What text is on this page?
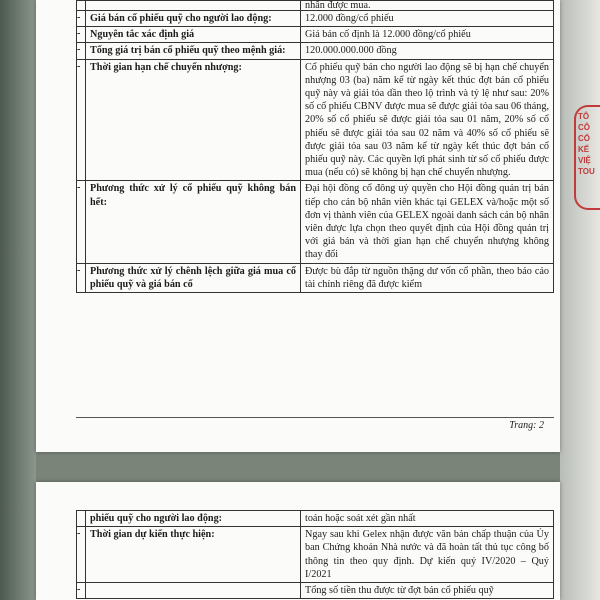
TÔ
CÔ
CỔ
KẾ
VIỆ
TOU
		nhân được mua.
-	Giá bán cổ phiếu quỹ cho người lao động:	12.000 đồng/cổ phiếu
-	Nguyên tắc xác định giá	Giá bán cố định là 12.000 đồng/cổ phiếu
-	Tổng giá trị bán cổ phiếu quỹ theo mệnh giá:	120.000.000.000 đồng
-	Thời gian hạn chế chuyển nhượng:	Cổ phiếu quỹ bán cho người lao động sẽ bị hạn chế chuyển nhượng 03 (ba) năm kể từ ngày kết thúc đợt bán cổ phiếu quỹ này và giải tỏa dần theo lộ trình và tỷ lệ như sau: 20% số cổ phiếu CBNV được mua sẽ được giải tỏa sau 06 tháng, 20% số cổ phiếu sẽ được giải tỏa sau 01 năm, 20% số cổ phiếu sẽ được giải tỏa sau 02 năm và 40% số cổ phiếu sẽ được giải tỏa sau 03 năm kể từ ngày kết thúc đợt bán cổ phiếu quỹ này. Các quyền lợi phát sinh từ số cổ phiếu được mua (nếu có) sẽ không bị hạn chế chuyển nhượng.
-	Phương thức xử lý cổ phiếu quỹ không bán hết:	Đại hội đồng cổ đông uỷ quyền cho Hội đồng quản trị bán tiếp cho cán bộ nhân viên khác tại GELEX và/hoặc một số đơn vị thành viên của GELEX ngoài danh sách cán bộ nhân viên được lựa chọn theo quyết định của Hội đồng quản trị với giá bán và thời gian hạn chế chuyển nhượng không thay đổi
-	Phương thức xử lý chênh lệch giữa giá mua cổ phiếu quỹ và giá bán cổ	Được bù đắp từ nguồn thặng dư vốn cổ phần, theo báo cáo tài chính riêng đã được kiểm
Trang: 2
	phiếu quỹ cho người lao động:	toán hoặc soát xét gần nhất
-	Thời gian dự kiến thực hiện:	Ngay sau khi Gelex nhận được văn bản chấp thuận của Ủy ban Chứng khoán Nhà nước và đã hoàn tất thủ tục công bố thông tin theo quy định. Dự kiến quý IV/2020 – Quý I/2021
-		Tổng số tiền thu được từ đợt bán cổ phiếu quỹ
